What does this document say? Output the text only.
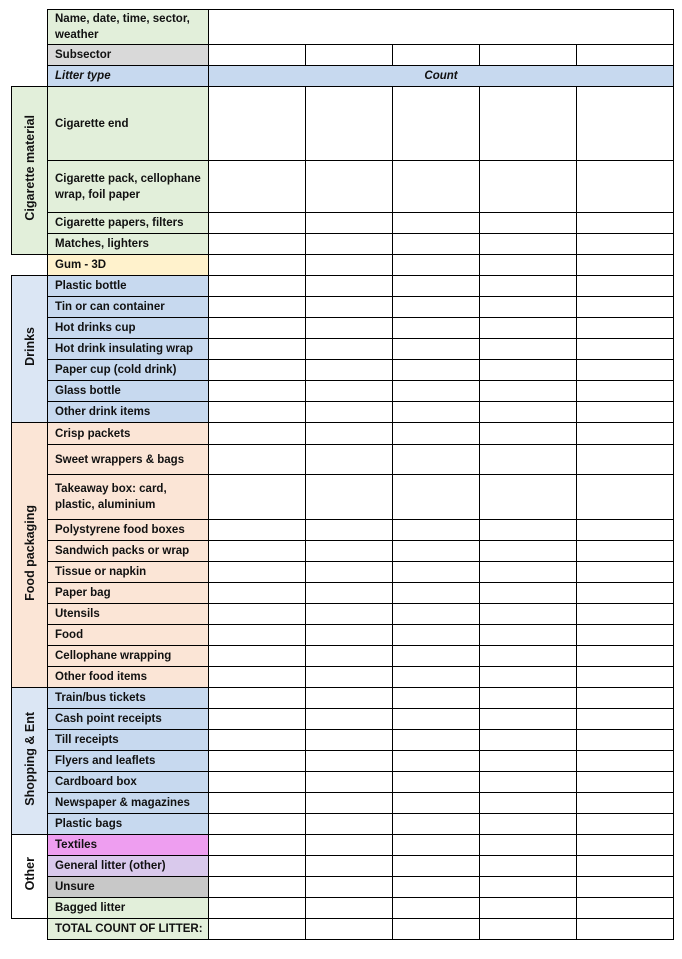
	Name, date, time, sector, weather					
	Subsector					
	Litter type	Count				
Cigarette material	Cigarette end					
	Cigarette pack, cellophane wrap, foil paper					
	Cigarette papers, filters					
	Matches, lighters					
	Gum - 3D					
Drinks	Plastic bottle					
	Tin or can container					
	Hot drinks cup					
	Hot drink insulating wrap					
	Paper cup (cold drink)					
	Glass bottle					
	Other drink items					
Food packaging	Crisp packets					
	Sweet wrappers & bags					
	Takeaway box: card, plastic, aluminium					
	Polystyrene food boxes					
	Sandwich packs or wrap					
	Tissue or napkin					
	Paper bag					
	Utensils					
	Food					
	Cellophane wrapping					
	Other food items					
Shopping & Ent	Train/bus tickets					
	Cash point receipts					
	Till receipts					
	Flyers and leaflets					
	Cardboard box					
	Newspaper & magazines					
	Plastic bags					
Other	Textiles					
	General litter (other)					
	Unsure					
	Bagged litter					
	TOTAL COUNT OF LITTER:					
